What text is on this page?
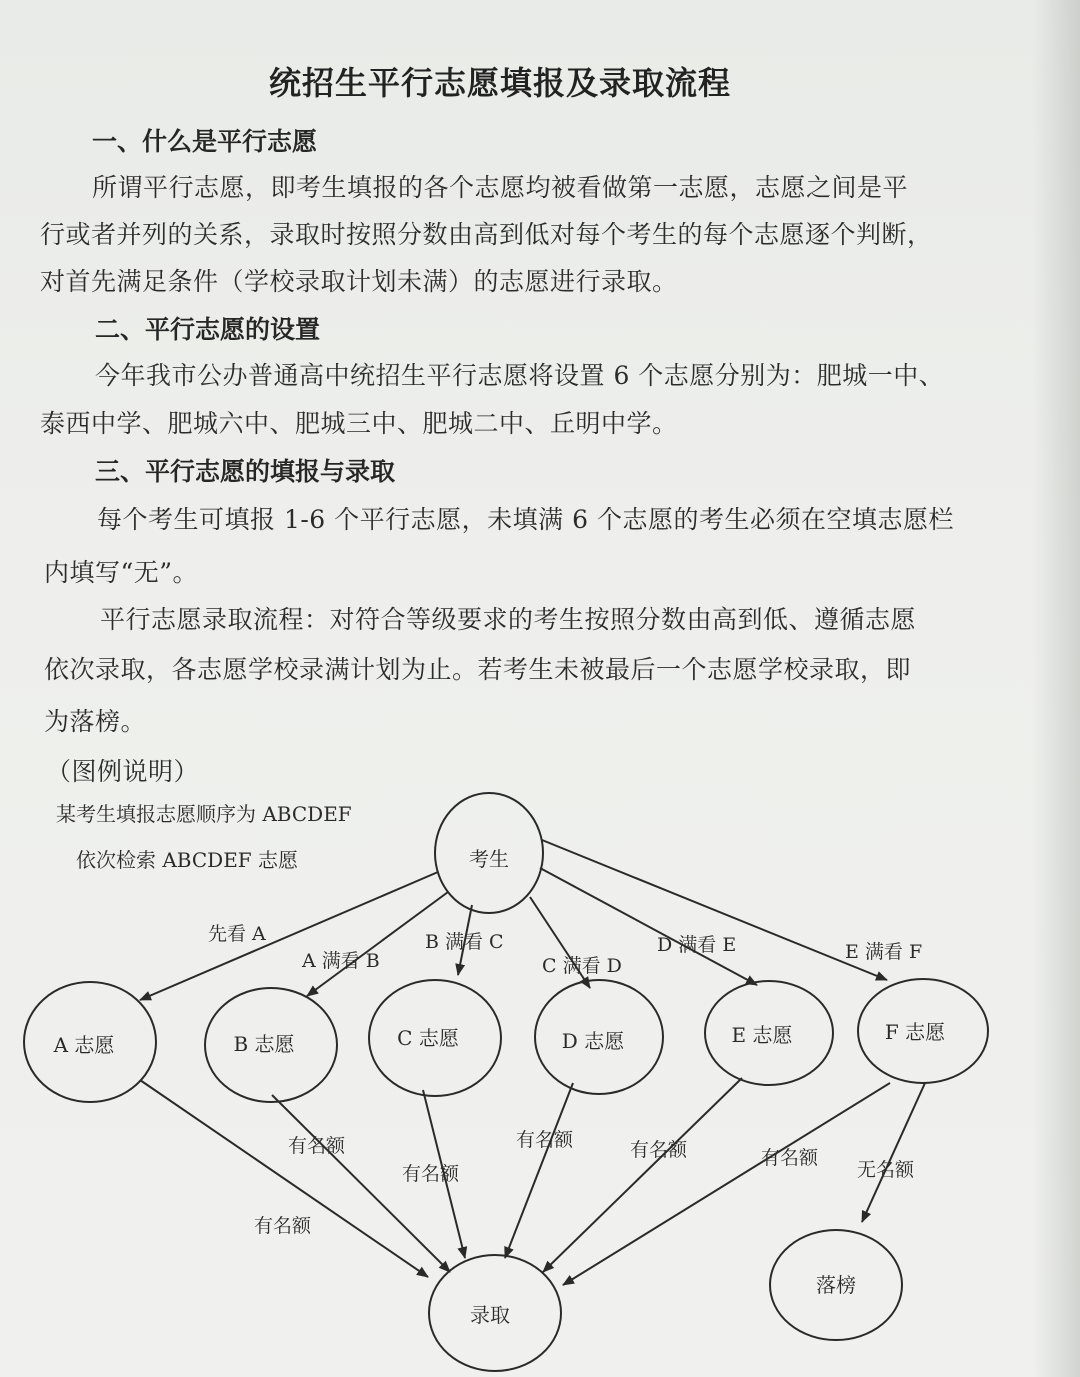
统招生平行志愿填报及录取流程
一、什么是平行志愿
所谓平行志愿，即考生填报的各个志愿均被看做第一志愿，志愿之间是平
行或者并列的关系，录取时按照分数由高到低对每个考生的每个志愿逐个判断，
对首先满足条件（学校录取计划未满）的志愿进行录取。
二、平行志愿的设置
今年我市公办普通高中统招生平行志愿将设置 6 个志愿分别为：肥城一中、
泰西中学、肥城六中、肥城三中、肥城二中、丘明中学。
三、平行志愿的填报与录取
每个考生可填报 1-6 个平行志愿，未填满 6 个志愿的考生必须在空填志愿栏
内填写“无”。
平行志愿录取流程：对符合等级要求的考生按照分数由高到低、遵循志愿
依次录取，各志愿学校录满计划为止。若考生未被最后一个志愿学校录取，即
为落榜。
（图例说明）
某考生填报志愿顺序为 ABCDEF
依次检索 ABCDEF 志愿	考生
A 志愿	B 志愿	C 志愿	D 志愿	E 志愿	F 志愿
录取
落榜
先看 A
A 满看 B
B 满看 C
C 满看 D
D 满看 E	E 满看 F
有名额
有名额
有名额
有名额	有名额	有名额
无名额
